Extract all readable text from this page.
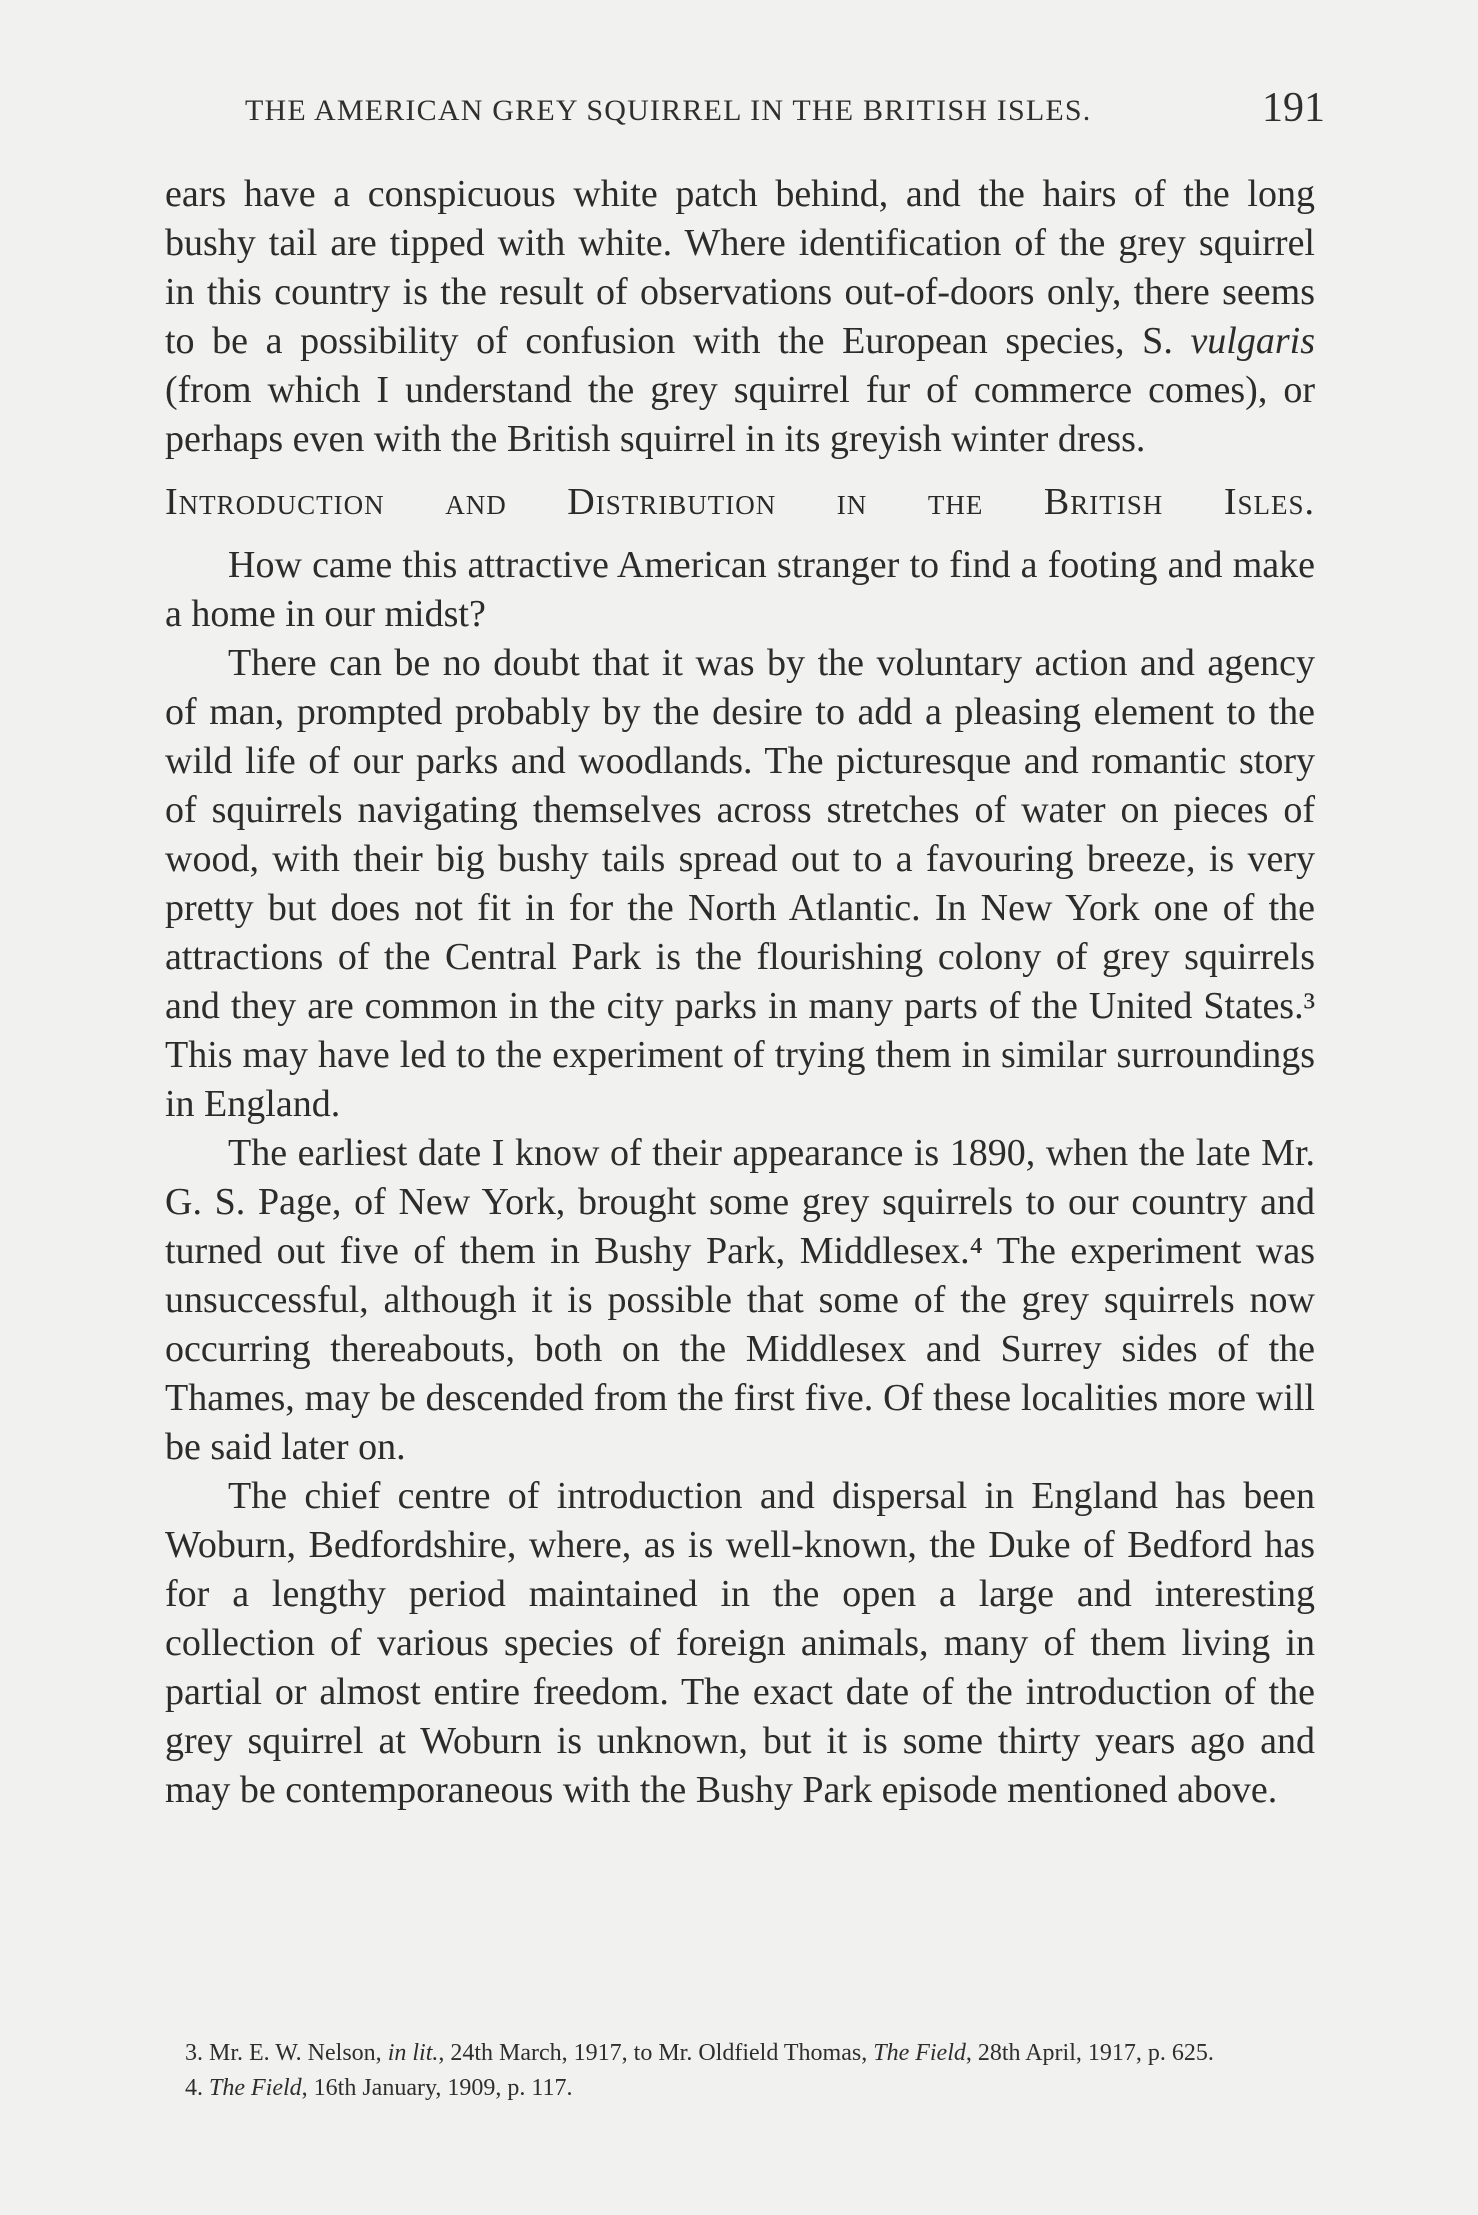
THE AMERICAN GREY SQUIRREL IN THE BRITISH ISLES.	191

ears have a conspicuous white patch behind, and the hairs of the long bushy tail are tipped with white. Where identification of the grey squirrel in this country is the result of observations out-of-doors only, there seems to be a possibility of confusion with the European species, S. vulgaris (from which I understand the grey squirrel fur of commerce comes), or perhaps even with the British squirrel in its greyish winter dress.

Introduction and Distribution in the British Isles.

How came this attractive American stranger to find a footing and make a home in our midst?

There can be no doubt that it was by the voluntary action and agency of man, prompted probably by the desire to add a pleasing element to the wild life of our parks and woodlands. The picturesque and romantic story of squirrels navigating themselves across stretches of water on pieces of wood, with their big bushy tails spread out to a favouring breeze, is very pretty but does not fit in for the North Atlantic. In New York one of the attractions of the Central Park is the flourishing colony of grey squirrels and they are common in the city parks in many parts of the United States.³ This may have led to the experiment of trying them in similar surroundings in England.

The earliest date I know of their appearance is 1890, when the late Mr. G. S. Page, of New York, brought some grey squirrels to our country and turned out five of them in Bushy Park, Middlesex.⁴ The experiment was unsuccessful, although it is possible that some of the grey squirrels now occurring thereabouts, both on the Middlesex and Surrey sides of the Thames, may be descended from the first five. Of these localities more will be said later on.

The chief centre of introduction and dispersal in England has been Woburn, Bedfordshire, where, as is well-known, the Duke of Bedford has for a lengthy period maintained in the open a large and interesting collection of various species of foreign animals, many of them living in partial or almost entire freedom. The exact date of the introduction of the grey squirrel at Woburn is unknown, but it is some thirty years ago and may be contemporaneous with the Bushy Park episode mentioned above.

3. Mr. E. W. Nelson, in lit., 24th March, 1917, to Mr. Oldfield Thomas, The Field, 28th April, 1917, p. 625.

4. The Field, 16th January, 1909, p. 117.
